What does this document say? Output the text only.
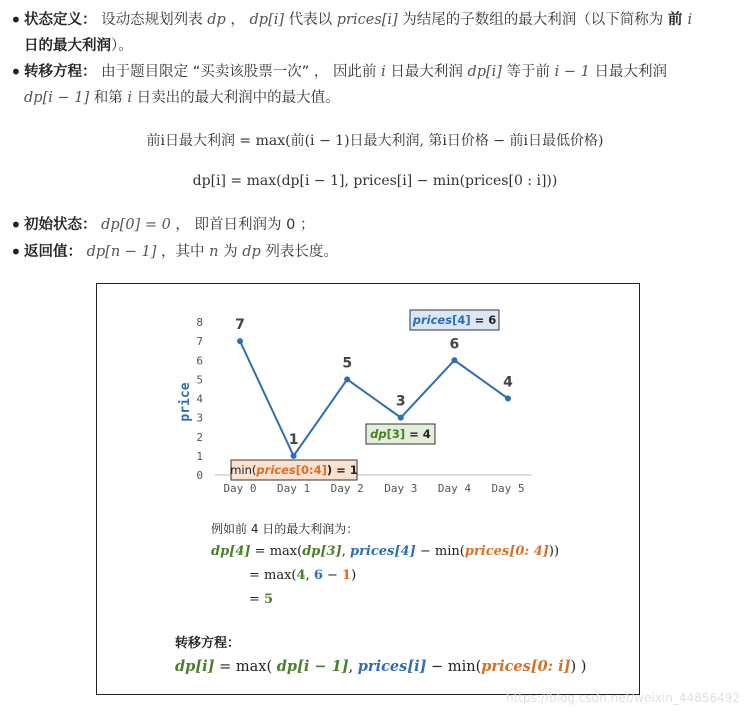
• 状态定义： 设动态规划列表 dp ， dp[i] 代表以 prices[i] 为结尾的子数组的最大利润（以下简称为 前 i
日的最大利润）。
• 转移方程： 由于题目限定 “买卖该股票一次” ， 因此前 i 日最大利润 dp[i] 等于前 i − 1 日最大利润
dp[i − 1] 和第 i 日卖出的最大利润中的最大值。
• 初始状态： dp[0] = 0 ， 即首日利润为 0 ；
• 返回值： dp[n − 1] ，其中 n 为 dp 列表长度。
前i日最大利润 = max(前(i − 1)日最大利润, 第i日价格 − 前i日最低价格)
dp[i] = max(dp[i − 1], prices[i] − min(prices[0 : i]))
0
1
2
3
4
5
6
7
8
price
Day 0 Day 1 Day 2 Day 3 Day 4 Day 5
7
1
5
3
6
4
prices[4] = 6
dp[3] = 4
min(prices[0:4]) = 1
例如前 4 日的最大利润为：
dp[4] = max(dp[3], prices[4] − min(prices[0: 4]))
= max(4, 6 − 1)
= 5
转移方程：
dp[i] = max( dp[i − 1], prices[i] − min(prices[0: i]) )
https://blog.csdn.net/weixin_44856492
